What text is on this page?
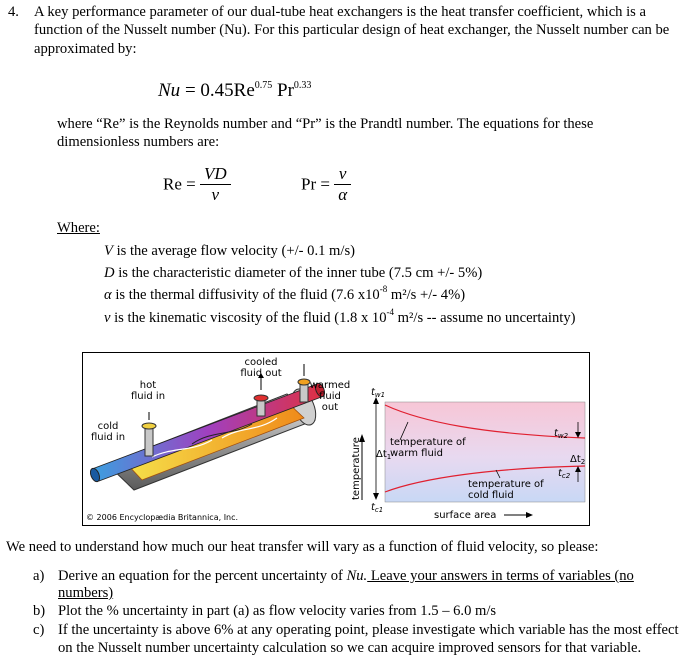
4. A key performance parameter of our dual-tube heat exchangers is the heat transfer coefficient, which is a
function of the Nusselt number (Nu). For this particular design of heat exchanger, the Nusselt number can be
approximated by:
$Nu = 0.45Re^{0.75}$ $Pr^{0.33}$
where “Re” is the Reynolds number and “Pr” is the Prandtl number. The equations for these
dimensionless numbers are:
$Re = \frac{VD}{\nu}$	$Pr = \frac{\nu}{\alpha}$
Where:
V is the average flow velocity (+/- 0.1 m/s)
D is the characteristic diameter of the inner tube (7.5 cm +/- 5%)
α is the thermal diffusivity of the fluid (7.6 $x10^{-8}$ m²/s +/- 4%)
ν is the kinematic viscosity of the fluid (1.8 x $10^{-4}$ m²/s -- assume no uncertainty)
cooled
fluid out
hot
fluid in
warmed
fluid
out
cold
fluid in
© 2006 Encyclopædia Britannica, Inc.
temperature
surface area
temperature of
warm fluid
temperature of
cold fluid
$t_{w1}$
$t_{w2}$
$t_{c1}$
$t_{c2}$
$\Delta t_1$	$\Delta t_2$
We need to understand how much our heat transfer will vary as a function of fluid velocity, so please:
a) Derive an equation for the percent uncertainty of Nu. Leave your answers in terms of variables (no
numbers)
b) Plot the % uncertainty in part (a) as flow velocity varies from 1.5 – 6.0 m/s
c) If the uncertainty is above 6% at any operating point, please investigate which variable has the most effect
on the Nusselt number uncertainty calculation so we can acquire improved sensors for that variable.
